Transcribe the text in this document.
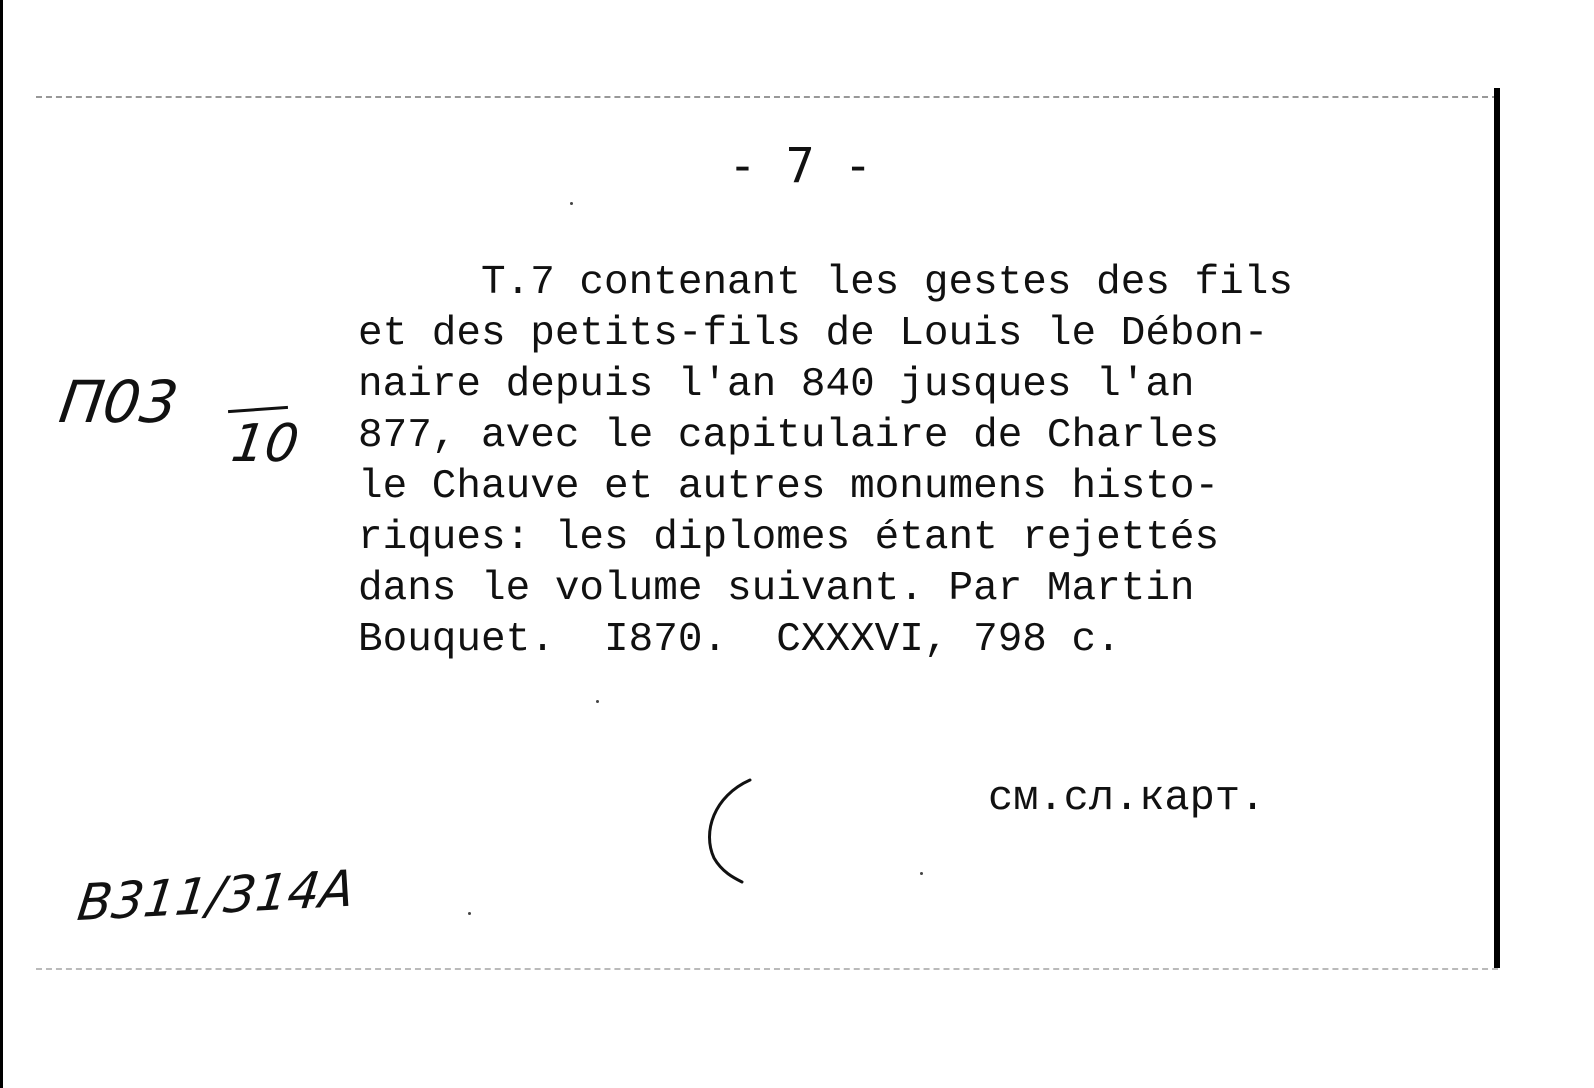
- 7 -

T.7 contenant les gestes des fils
et des petits-fils de Louis le Débon-
naire depuis l'an 840 jusques l'an
877, avec le capitulaire de Charles
le Chauve et autres monumens histo-
riques: les diplomes étant rejettés
dans le volume suivant. Par Martin
Bouquet.  I870.  CXXXVI, 798 c.
П03
10

см.сл.карт.

В311/314А
